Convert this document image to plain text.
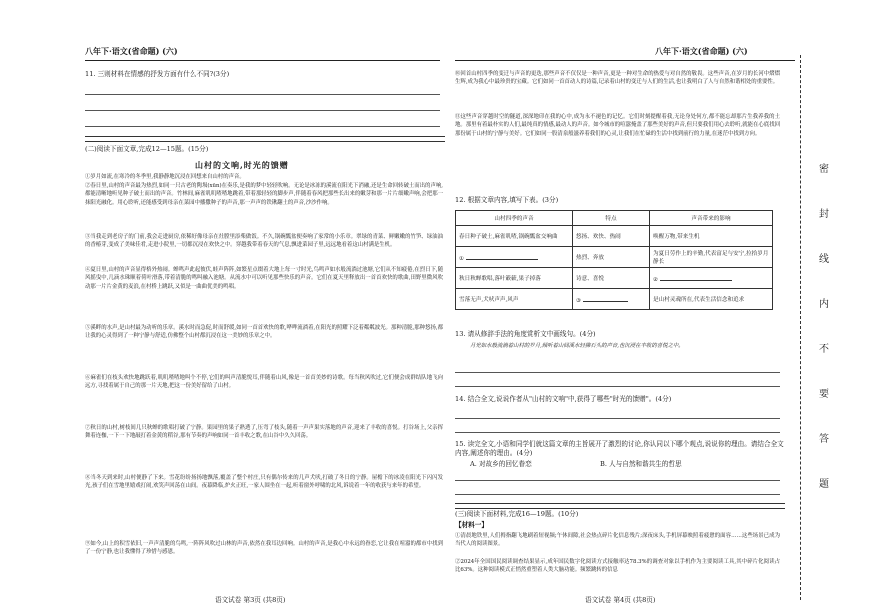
八年下·语文(省命题) (六)
11. 三则材料在情感的抒发方面有什么不同?(3分)
(二)阅读下面文章,完成12—15题。(15分)
山村的文响,时光的馈赠

①岁月如流,在寒冷的冬季里,我静静地沉浸在回想来自山村的声音。

②春日里,山村的声音最为热烈,如同一只古老的陶埙(xūn)在奏乐,是我的梦中轻轻吹响。无论是冰冻的溪流在阳光下消融,还是生命回转破土而出的声响,都能清晰地听见种子破土而出的声音。竹林间,麻雀叽叽喳喳地跳着,带着那轻轻的脚步声,伴随着春风把那些长出来的嫩芽和那一片片细嫩声响,会把那一抹阳光融化。用心聆听,还能感受到母亲在菜园中播撒种子的声音,那一声声的铁锹翻土的声音,沙沙作响。

③当我走到老房子的门前,我会走进厨房,依稀好像母亲在灶膛里添柴做饭。不久,锅碗瓢盆便奏响了家常的小乐章。翠绿的青菜、鲜嫩嫩的竹笋、绿油油的香椿芽,变成了美味佳肴,走进小院里,一切都沉浸在欢快之中。穿越我带着春天的气息,飘进菜园子里,远远地看着这山村满是生机。

④夏日里,山村的声音显得格外热闹。蝉鸣声此起彼伏,蛙声阵阵,如繁星点缀着大地上每一寸时光,鸟鸣声如水般流淌过池塘,它们从不知疲倦,在烈日下,随风摇曳中,几滴水珠顺着荷叶滑落,带着清脆的鸣叫融入池塘。从流水中可以听见那些快乐的声音。它们在夏天里释放出一首首欢快的歌曲,田野里微风吹动那一片片金黄的麦浪,在村桥上跳跃,又似是一曲曲优美的鸣唱。

⑤溪畔的水声,是山村最为动听的乐章。溪水时而急促,时而舒缓,如同一首首欢快的歌,哗哗流淌着,在阳光的照耀下泛着粼粼波光。那种清脆,那种悠扬,都让我的心灵得到了一种宁静与舒适,仿佛整个山村都沉浸在这一美妙的乐章之中。

⑥麻雀们在枝头欢快地跳跃着,叽叽喳喳地叫个不停,它们的叫声清脆悦耳,伴随着山风,像是一首首美妙的诗歌。每当秋风吹过,它们便会成群结队地飞向远方,寻找着属于自己的那一片天地,把这一份美好留给了山村。

⑦秋日的山村,树枝间几只秋蝉的歌唱打破了宁静。果园里的果子熟透了,压弯了枝头,随着一声声果实落地的声音,迎来了丰收的喜悦。打谷场上,父亲挥舞着连枷,一下一下地敲打着金黄的稻谷,那有节奏的声响如同一首丰收之歌,在山谷中久久回荡。

⑧当冬天到来时,山村便静了下来。雪花纷纷扬扬地飘落,覆盖了整个村庄,只有偶尔传来的几声犬吠,打破了冬日的宁静。屋檐下的冰凌在阳光下闪闪发光,孩子们在雪地里嬉戏打闹,欢笑声回荡在山间。夜幕降临,炉火正旺,一家人围坐在一起,听着窗外呼啸的北风,诉说着一年的收获与来年的希望。

⑨如今,山上的积雪依旧,一声声清脆的鸟鸣,一阵阵风吹过山林的声音,依然在我耳边回响。山村的声音,是我心中永远的眷恋,它让我在喧嚣的都市中找到了一份宁静,也让我懂得了珍惜与感恩。

语文试卷 第3页 (共8页)
八年下·语文(省命题) (六)

⑩回首山村四季的变迁与声音的更迭,那些声音不仅仅是一种声音,更是一种对生命的热爱与对自然的敬畏。这些声音,在岁月的长河中熠熠生辉,成为我心中最珍贵的宝藏。它们如同一首首动人的诗篇,记录着山村的变迁与人们的生活,也让我明白了人与自然和谐相处的重要性。

⑪这些声音穿越时空的隧道,深深地印在我的心中,成为永不褪色的记忆。它们时刻提醒着我,无论身处何方,都不能忘却那片生我养我的土地。那里有着最朴实的人们,最纯真的情感,最动人的声音。如今城市的喧嚣掩盖了那些美好的声音,但只要我们用心去聆听,就能在心底找回那份属于山村的宁静与美好。它们如同一股清泉般滋养着我们的心灵,让我们在忙碌的生活中找到前行的力量,在迷茫中找到方向。

12. 根据文章内容,填写下表。(3分)
山村四季的声音	特点	声音带来的影响
春日种子破土,麻雀叽喳,锅碗瓢盆交响曲	悠扬、欢快、热闹	唤醒万物,带来生机
①	热烈、奔放	为夏日劳作上的辛勤,代表富足与安宁,拉拾岁月静长
秋日秋蝉歌唱,落叶簌簌,果子掉落	诗意、喜悦	②
雪落无声,犬吠声声,风声	③	是山村灵魂所在,代表生活信念和追求
13. 请从修辞手法的角度赏析文中画线句。(4分)

月光如水般流淌着山村的岁月,倾听着山间溪水轻拂石头的声音,也沉浸在丰收的喜悦之中。

14. 结合全文,说说作者从"山村的文响"中,获得了哪些"时光的馈赠"。(4分)
15. 读完全文,小语和同学们就这篇文章的主旨展开了激烈的讨论,你认同以下哪个观点,说说你的理由。请结合全文内容,阐述你的理由。(4分)
A. 对故乡的回忆眷恋	B. 人与自然和谐共生的哲思
(三)阅读下面材料,完成16—19题。(10分)
【材料一】

①清晨地铁里,人们拇指翻飞地刷着短视频;午休间隙,社会热点碎片化信息残片;深夜床头,手机屏幕映照着疲惫的面容……这些场景已成为当代人的阅读图景。

②2024年全国国民阅读调查结果显示,成年国民数字化阅读方式接触率达78.3%的调查对象以手机作为主要阅读工具,其中碎片化阅读占比63%。这种阅读模式正悄然重塑着人类大脑功能。频繁跳转的信息

语文试卷 第4页 (共8页)
密
封
线
内
不
要
答
题
